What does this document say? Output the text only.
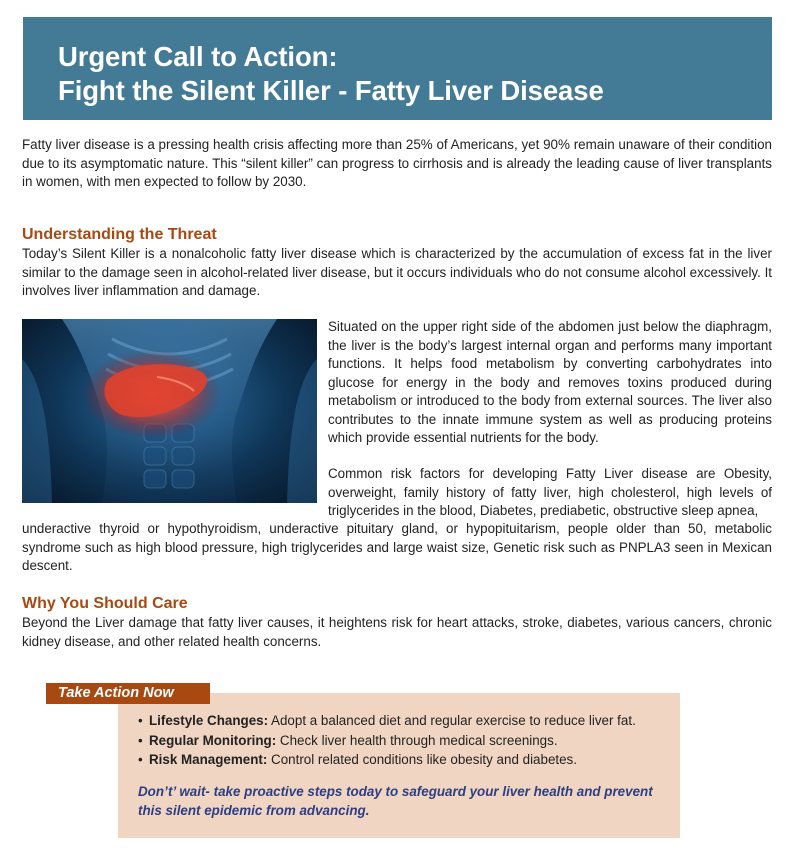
Urgent Call to Action:
Fight the Silent Killer - Fatty Liver Disease

Fatty liver disease is a pressing health crisis affecting more than 25% of Americans, yet 90% remain unaware of their condition due to its asymptomatic nature. This “silent killer” can progress to cirrhosis and is already the leading cause of liver transplants in women, with men expected to follow by 2030.

Understanding the Threat

Today’s Silent Killer is a nonalcoholic fatty liver disease which is characterized by the accumulation of excess fat in the liver similar to the damage seen in alcohol-related liver disease, but it occurs individuals who do not consume alcohol excessively. It involves liver inflammation and damage.

Situated on the upper right side of the abdomen just below the diaphragm, the liver is the body’s largest internal organ and performs many important functions. It helps food metabolism by converting carbohydrates into glucose for energy in the body and removes toxins produced during metabolism or introduced to the body from external sources. The liver also contributes to the innate immune system as well as producing proteins which provide essential nutrients for the body.

Common risk factors for developing Fatty Liver disease are Obesity, overweight, family history of fatty liver, high cholesterol, high levels of triglycerides in the blood, Diabetes, prediabetic, obstructive sleep apnea,

underactive thyroid or hypothyroidism, underactive pituitary gland, or hypopituitarism, people older than 50, metabolic syndrome such as high blood pressure, high triglycerides and large waist size, Genetic risk such as PNPLA3 seen in Mexican descent.

Why You Should Care

Beyond the Liver damage that fatty liver causes, it heightens risk for heart attacks, stroke, diabetes, various cancers, chronic kidney disease, and other related health concerns.

Take Action Now
• Lifestyle Changes: Adopt a balanced diet and regular exercise to reduce liver fat.
• Regular Monitoring: Check liver health through medical screenings.
• Risk Management: Control related conditions like obesity and diabetes.

Don’t’ wait- take proactive steps today to safeguard your liver health and prevent this silent epidemic from advancing.
